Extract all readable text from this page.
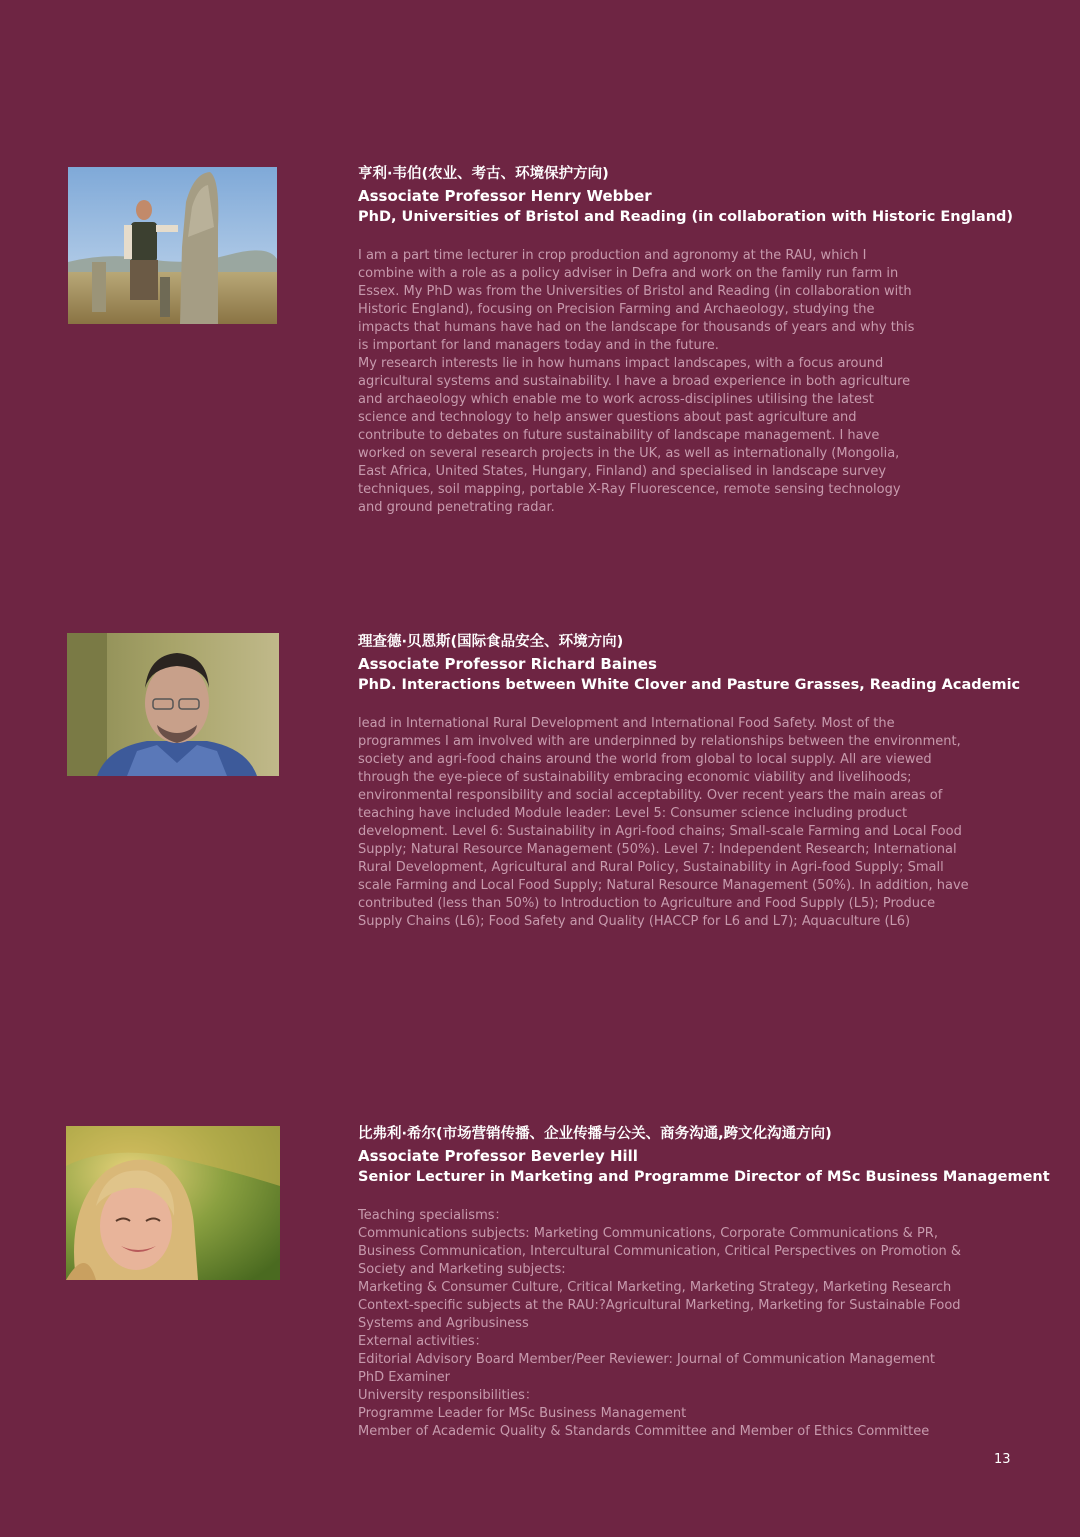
亨利·韦伯(农业、考古、环境保护方向)
Associate Professor Henry Webber
PhD, Universities of Bristol and Reading (in collaboration with Historic England)

I am a part time lecturer in crop production and agronomy at the RAU, which I combine with a role as a policy adviser in Defra and work on the family run farm in Essex. My PhD was from the Universities of Bristol and Reading (in collaboration with Historic England), focusing on Precision Farming and Archaeology, studying the impacts that humans have had on the landscape for thousands of years and why this is important for land managers today and in the future.

My research interests lie in how humans impact landscapes, with a focus around agricultural systems and sustainability. I have a broad experience in both agriculture and archaeology which enable me to work across-disciplines utilising the latest science and technology to help answer questions about past agriculture and contribute to debates on future sustainability of landscape management. I have worked on several research projects in the UK, as well as internationally (Mongolia, East Africa, United States, Hungary, Finland) and specialised in landscape survey techniques, soil mapping, portable X-Ray Fluorescence, remote sensing technology and ground penetrating radar.

理查德·贝恩斯(国际食品安全、环境方向)
Associate Professor Richard Baines
PhD. Interactions between White Clover and Pasture Grasses, Reading Academic

lead in International Rural Development and International Food Safety. Most of the programmes I am involved with are underpinned by relationships between the environment, society and agri-food chains around the world from global to local supply. All are viewed through the eye-piece of sustainability embracing economic viability and livelihoods; environmental responsibility and social acceptability. Over recent years the main areas of teaching have included Module leader: Level 5: Consumer science including product development. Level 6: Sustainability in Agri-food chains; Small-scale Farming and Local Food Supply; Natural Resource Management (50%). Level 7: Independent Research; International Rural Development, Agricultural and Rural Policy, Sustainability in Agri-food Supply; Small scale Farming and Local Food Supply; Natural Resource Management (50%). In addition, have contributed (less than 50%) to Introduction to Agriculture and Food Supply (L5); Produce Supply Chains (L6); Food Safety and Quality (HACCP for L6 and L7); Aquaculture (L6)

比弗利·希尔(市场营销传播、企业传播与公关、商务沟通,跨文化沟通方向)
Associate Professor Beverley Hill
Senior Lecturer in Marketing and Programme Director of MSc Business Management

Teaching specialisms：

Communications subjects: Marketing Communications, Corporate Communications & PR, Business Communication, Intercultural Communication, Critical Perspectives on Promotion & Society and Marketing subjects:

Marketing & Consumer Culture, Critical Marketing, Marketing Strategy, Marketing Research

Context-specific subjects at the RAU:?Agricultural Marketing, Marketing for Sustainable Food Systems and Agribusiness

External activities：

Editorial Advisory Board Member/Peer Reviewer: Journal of Communication Management

PhD Examiner

University responsibilities：

Programme Leader for MSc Business Management

Member of Academic Quality & Standards Committee and Member of Ethics Committee

13
